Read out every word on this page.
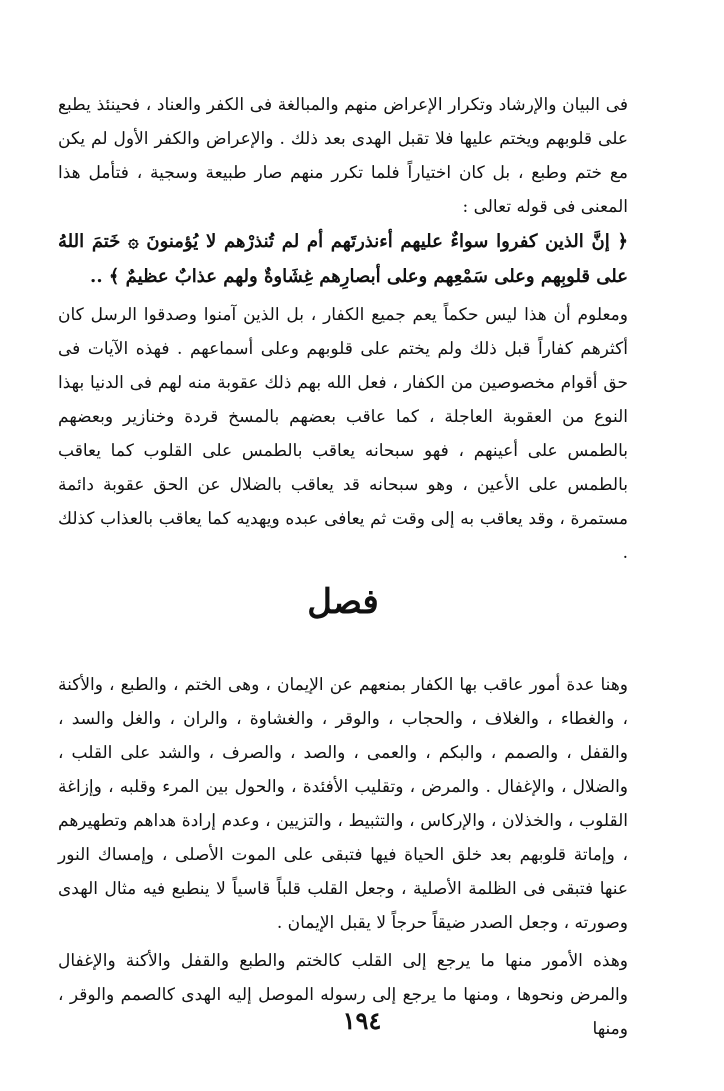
فى البيان والإرشاد وتكرار الإعراض منهم والمبالغة فى الكفر والعناد ، فحينئذ يطبع على قلوبهم ويختم عليها فلا تقبل الهدى بعد ذلك . والإعراض والكفر الأول لم يكن مع ختم وطبع ، بل كان اختياراً فلما تكرر منهم صار طبيعة وسجية ، فتأمل هذا المعنى فى قوله تعالى :

﴿ إنَّ الذين كفروا سواءٌ عليهم أءنذرتَهم أم لم تُنذرْهم لا يُؤمنونَ ۞ خَتمَ اللهُ على قلوبِهم وعلى سَمْعِهم وعلى أبصارِهم غِشَاوةٌ ولهم عذابٌ عظيمٌ ﴾ ..

ومعلوم أن هذا ليس حكماً يعم جميع الكفار ، بل الذين آمنوا وصدقوا الرسل كان أكثرهم كفاراً قبل ذلك ولم يختم على قلوبهم وعلى أسماعهم . فهذه الآيات فى حق أقوام مخصوصين من الكفار ، فعل الله بهم ذلك عقوبة منه لهم فى الدنيا بهذا النوع من العقوبة العاجلة ، كما عاقب بعضهم بالمسخ قردة وخنازير وبعضهم بالطمس على أعينهم ، فهو سبحانه يعاقب بالطمس على القلوب كما يعاقب بالطمس على الأعين ، وهو سبحانه قد يعاقب بالضلال عن الحق عقوبة دائمة مستمرة ، وقد يعاقب به إلى وقت ثم يعافى عبده ويهديه كما يعاقب بالعذاب كذلك .

فصل

وهنا عدة أمور عاقب بها الكفار بمنعهم عن الإيمان ، وهى الختم ، والطبع ، والأكنة ، والغطاء ، والغلاف ، والحجاب ، والوقر ، والغشاوة ، والران ، والغل والسد ، والقفل ، والصمم ، والبكم ، والعمى ، والصد ، والصرف ، والشد على القلب ، والضلال ، والإغفال . والمرض ، وتقليب الأفئدة ، والحول بين المرء وقلبه ، وإزاغة القلوب ، والخذلان ، والإركاس ، والتثبيط ، والتزيين ، وعدم إرادة هداهم وتطهيرهم ، وإماتة قلوبهم بعد خلق الحياة فيها فتبقى على الموت الأصلى ، وإمساك النور عنها فتبقى فى الظلمة الأصلية ، وجعل القلب قلباً قاسياً لا ينطبع فيه مثال الهدى وصورته ، وجعل الصدر ضيقاً حرجاً لا يقبل الإيمان .

وهذه الأمور منها ما يرجع إلى القلب كالختم والطبع والقفل والأكنة والإغفال والمرض ونحوها ، ومنها ما يرجع إلى رسوله الموصل إليه الهدى كالصمم والوقر ، ومنها

١٩٤
